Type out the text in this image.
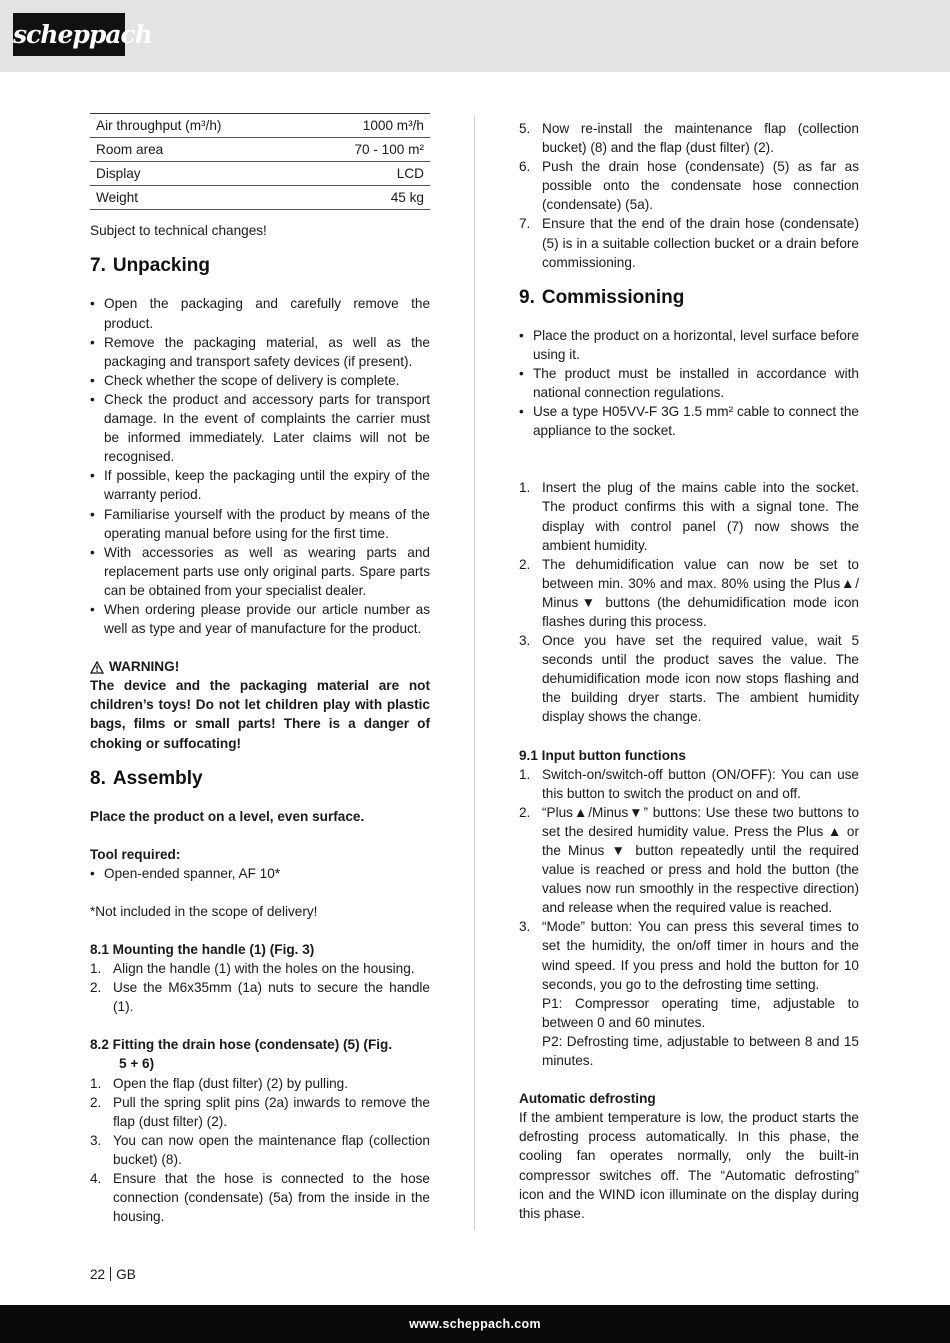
scheppach
Air throughput (m³/h)	1000 m³/h
Room area	70 - 100 m²
Display	LCD
Weight	45 kg

Subject to technical changes!

7. Unpacking
• Open the packaging and carefully remove the product.
• Remove the packaging material, as well as the packaging and transport safety devices (if present).
• Check whether the scope of delivery is complete.
• Check the product and accessory parts for transport damage. In the event of complaints the carrier must be informed immediately. Later claims will not be recognised.
• If possible, keep the packaging until the expiry of the warranty period.
• Familiarise yourself with the product by means of the operating manual before using for the first time.
• With accessories as well as wearing parts and replacement parts use only original parts. Spare parts can be obtained from your specialist dealer.
• When ordering please provide our article number as well as type and year of manufacture for the product.
WARNING!

The device and the packaging material are not children’s toys! Do not let children play with plastic bags, films or small parts! There is a danger of choking or suffocating!

8. Assembly

Place the product on a level, even surface.

Tool required:

• Open-ended spanner, AF 10*

*Not included in the scope of delivery!

8.1 Mounting the handle (1) (Fig. 3)
1. Align the handle (1) with the holes on the housing.
2. Use the M6x35mm (1a) nuts to secure the handle (1).
8.2 Fitting the drain hose (condensate) (5) (Fig.
5 + 6)
1. Open the flap (dust filter) (2) by pulling.
2. Pull the spring split pins (2a) inwards to remove the flap (dust filter) (2).
3. You can now open the maintenance flap (collection bucket) (8).
4. Ensure that the hose is connected to the hose connection (condensate) (5a) from the inside in the housing.
5. Now re-install the maintenance flap (collection bucket) (8) and the flap (dust filter) (2).
6. Push the drain hose (condensate) (5) as far as possible onto the condensate hose connection (condensate) (5a).
7. Ensure that the end of the drain hose (condensate) (5) is in a suitable collection bucket or a drain before commissioning.
9. Commissioning
• Place the product on a horizontal, level surface before using it.
• The product must be installed in accordance with national connection regulations.
• Use a type H05VV-F 3G 1.5 mm² cable to connect the appliance to the socket.
1. Insert the plug of the mains cable into the socket. The product confirms this with a signal tone. The display with control panel (7) now shows the ambient humidity.
2. The dehumidification value can now be set to between min. 30% and max. 80% using the Plus▲/ Minus▼ buttons (the dehumidification mode icon flashes during this process.
3. Once you have set the required value, wait 5 seconds until the product saves the value. The dehumidification mode icon now stops flashing and the building dryer starts. The ambient humidity display shows the change.
9.1 Input button functions
1. Switch-on/switch-off button (ON/OFF): You can use this button to switch the product on and off.
2. “Plus▲/Minus▼” buttons: Use these two buttons to set the desired humidity value. Press the Plus ▲ or the Minus ▼ button repeatedly until the required value is reached or press and hold the button (the values now run smoothly in the respective direction) and release when the required value is reached.
3. “Mode” button: You can press this several times to set the humidity, the on/off timer in hours and the wind speed. If you press and hold the button for 10 seconds, you go to the defrosting time setting.
P1: Compressor operating time, adjustable to between 0 and 60 minutes.
P2: Defrosting time, adjustable to between 8 and 15 minutes.
Automatic defrosting

If the ambient temperature is low, the product starts the defrosting process automatically. In this phase, the cooling fan operates normally, only the built-in compressor switches off. The “Automatic defrosting” icon and the WIND icon illuminate on the display during this phase.

22 GB
www.scheppach.com
